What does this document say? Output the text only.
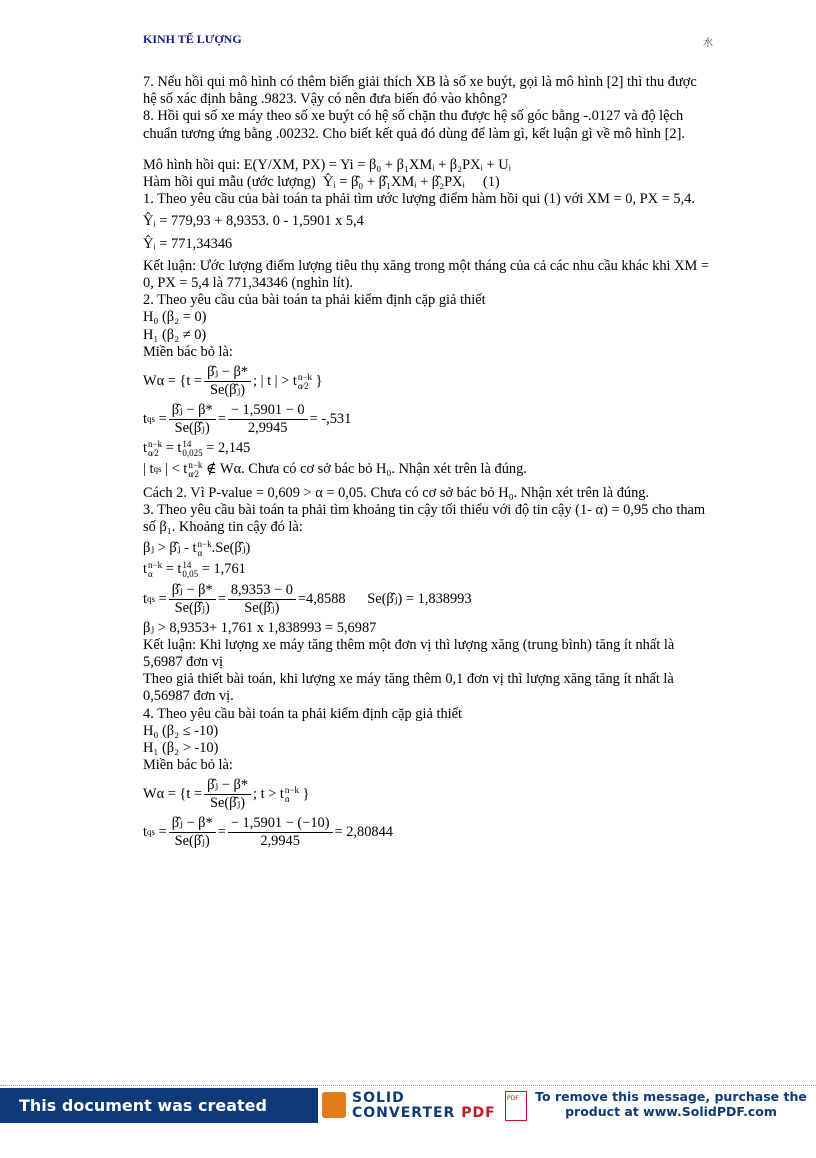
KINH TẾ LƯỢNG	水

7. Nếu hồi qui mô hình có thêm biến giải thích XB là số xe buýt, gọi là mô hình [2] thì thu được hệ số xác định bằng .9823. Vậy có nên đưa biến đó vào không?

8. Hồi qui số xe máy theo số xe buýt có hệ số chặn thu được hệ số góc bằng -.0127 và độ lệch chuẩn tương ứng bằng .00232. Cho biết kết quả đó dùng để làm gì, kết luận gì về mô hình [2].

Mô hình hồi qui: E(Y/XM, PX) = Yi = β₀ + β₁XMᵢ + β₂PXᵢ + Uᵢ

Hàm hồi qui mẫu (ước lượng) Ŷᵢ = β̂₀ + β̂₁XMᵢ + β̂₂PXᵢ (1)

1. Theo yêu cầu của bài toán ta phải tìm ước lượng điểm hàm hồi qui (1) với XM = 0, PX = 5,4.

Ŷᵢ = 779,93 + 8,9353. 0 - 1,5901 x 5,4

Ŷᵢ = 771,34346

Kết luận: Ước lượng điểm lượng tiêu thụ xăng trong một tháng của cả các nhu cầu khác khi XM = 0, PX = 5,4 là 771,34346 (nghìn lít).

2. Theo yêu cầu của bài toán ta phải kiểm định cặp giả thiết

H₀ (β₂ = 0)

H₁ (β₂ ≠ 0)

Miền bác bỏ là:

$W\alpha = \{t = \frac{\text{β̂ⱼ − β*}}{\text{Se(β̂ⱼ)}}$ ; | t | > t n−k
α⁄2
}
t qs = $\frac{\text{β̂ⱼ − β*}}{\text{Se(β̂ⱼ)}} = \frac{- 1,5901 - 0}{2,9945} = -,531$
t n−k
α⁄2
= t 14
0,025
= 2,145
| t qs
| < t n−k
α⁄2
∉ Wα. Chưa có cơ sở bác bỏ H₀. Nhận xét trên là đúng.

Cách 2. Vì P-value = 0,609 > α = 0,05. Chưa có cơ sở bác bỏ H₀. Nhận xét trên là đúng.

3. Theo yêu cầu bài toán ta phải tìm khoảng tin cậy tối thiểu với độ tin cậy (1- α) = 0,95 cho tham số β₁. Khoảng tin cậy đó là:

βⱼ > β̂ⱼ - t n−k
α .Se(β̂ⱼ)
t n−k
α
= t 14
0,05
= 1,761
t qs = $\frac{\text{β̂ⱼ − β*}}{\text{Se(β̂ⱼ)}} = \frac{8,9353 - 0}{\text{Se(β̂ⱼ)}} =4,8588$
Se(β̂ⱼ) = 1,838993

βⱼ > 8,9353+ 1,761 x 1,838993 = 5,6987

Kết luận: Khi lượng xe máy tăng thêm một đơn vị thì lượng xăng (trung bình) tăng ít nhất là 5,6987 đơn vị

Theo giả thiết bài toán, khi lượng xe máy tăng thêm 0,1 đơn vị thì lượng xăng tăng ít nhất là 0,56987 đơn vị.

4. Theo yêu cầu bài toán ta phải kiểm định cặp giả thiết

H₀ (β₂ ≤ -10)

H₁ (β₂ > -10)

Miền bác bỏ là:

$W\alpha = \{t = \frac{\text{β̂ⱼ − β*}}{\text{Se(β̂ⱼ)}}$ ; t > t n−k
α
}
t qs = $\frac{\text{β̂ⱼ − β*}}{\text{Se(β̂ⱼ)}} = \frac{- 1,5901 - (-10)}{2,9945} = 2,80844$
This document was created using
SOLID
CONVERTER PDF
PDF
To remove this message, purchase the
product at www.SolidPDF.com
